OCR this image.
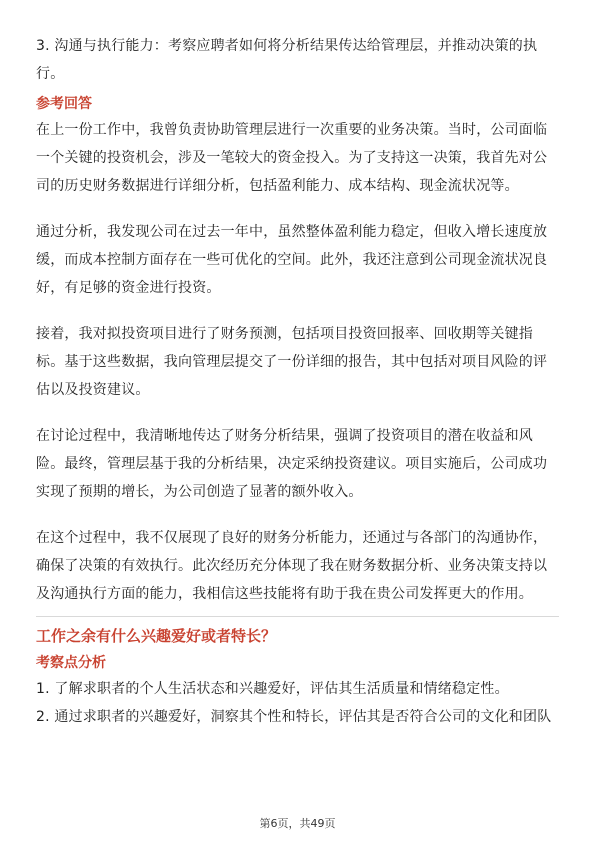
3. 沟通与执行能力：考察应聘者如何将分析结果传达给管理层，并推动决策的执行。

参考回答

在上一份工作中，我曾负责协助管理层进行一次重要的业务决策。当时，公司面临一个关键的投资机会，涉及一笔较大的资金投入。为了支持这一决策，我首先对公司的历史财务数据进行详细分析，包括盈利能力、成本结构、现金流状况等。

通过分析，我发现公司在过去一年中，虽然整体盈利能力稳定，但收入增长速度放缓，而成本控制方面存在一些可优化的空间。此外，我还注意到公司现金流状况良好，有足够的资金进行投资。

接着，我对拟投资项目进行了财务预测，包括项目投资回报率、回收期等关键指标。基于这些数据，我向管理层提交了一份详细的报告，其中包括对项目风险的评估以及投资建议。

在讨论过程中，我清晰地传达了财务分析结果，强调了投资项目的潜在收益和风险。最终，管理层基于我的分析结果，决定采纳投资建议。项目实施后，公司成功实现了预期的增长，为公司创造了显著的额外收入。

在这个过程中，我不仅展现了良好的财务分析能力，还通过与各部门的沟通协作，确保了决策的有效执行。此次经历充分体现了我在财务数据分析、业务决策支持以及沟通执行方面的能力，我相信这些技能将有助于我在贵公司发挥更大的作用。

工作之余有什么兴趣爱好或者特长？

考察点分析

1. 了解求职者的个人生活状态和兴趣爱好，评估其生活质量和情绪稳定性。

2. 通过求职者的兴趣爱好，洞察其个性和特长，评估其是否符合公司的文化和团队

第6页，共49页
